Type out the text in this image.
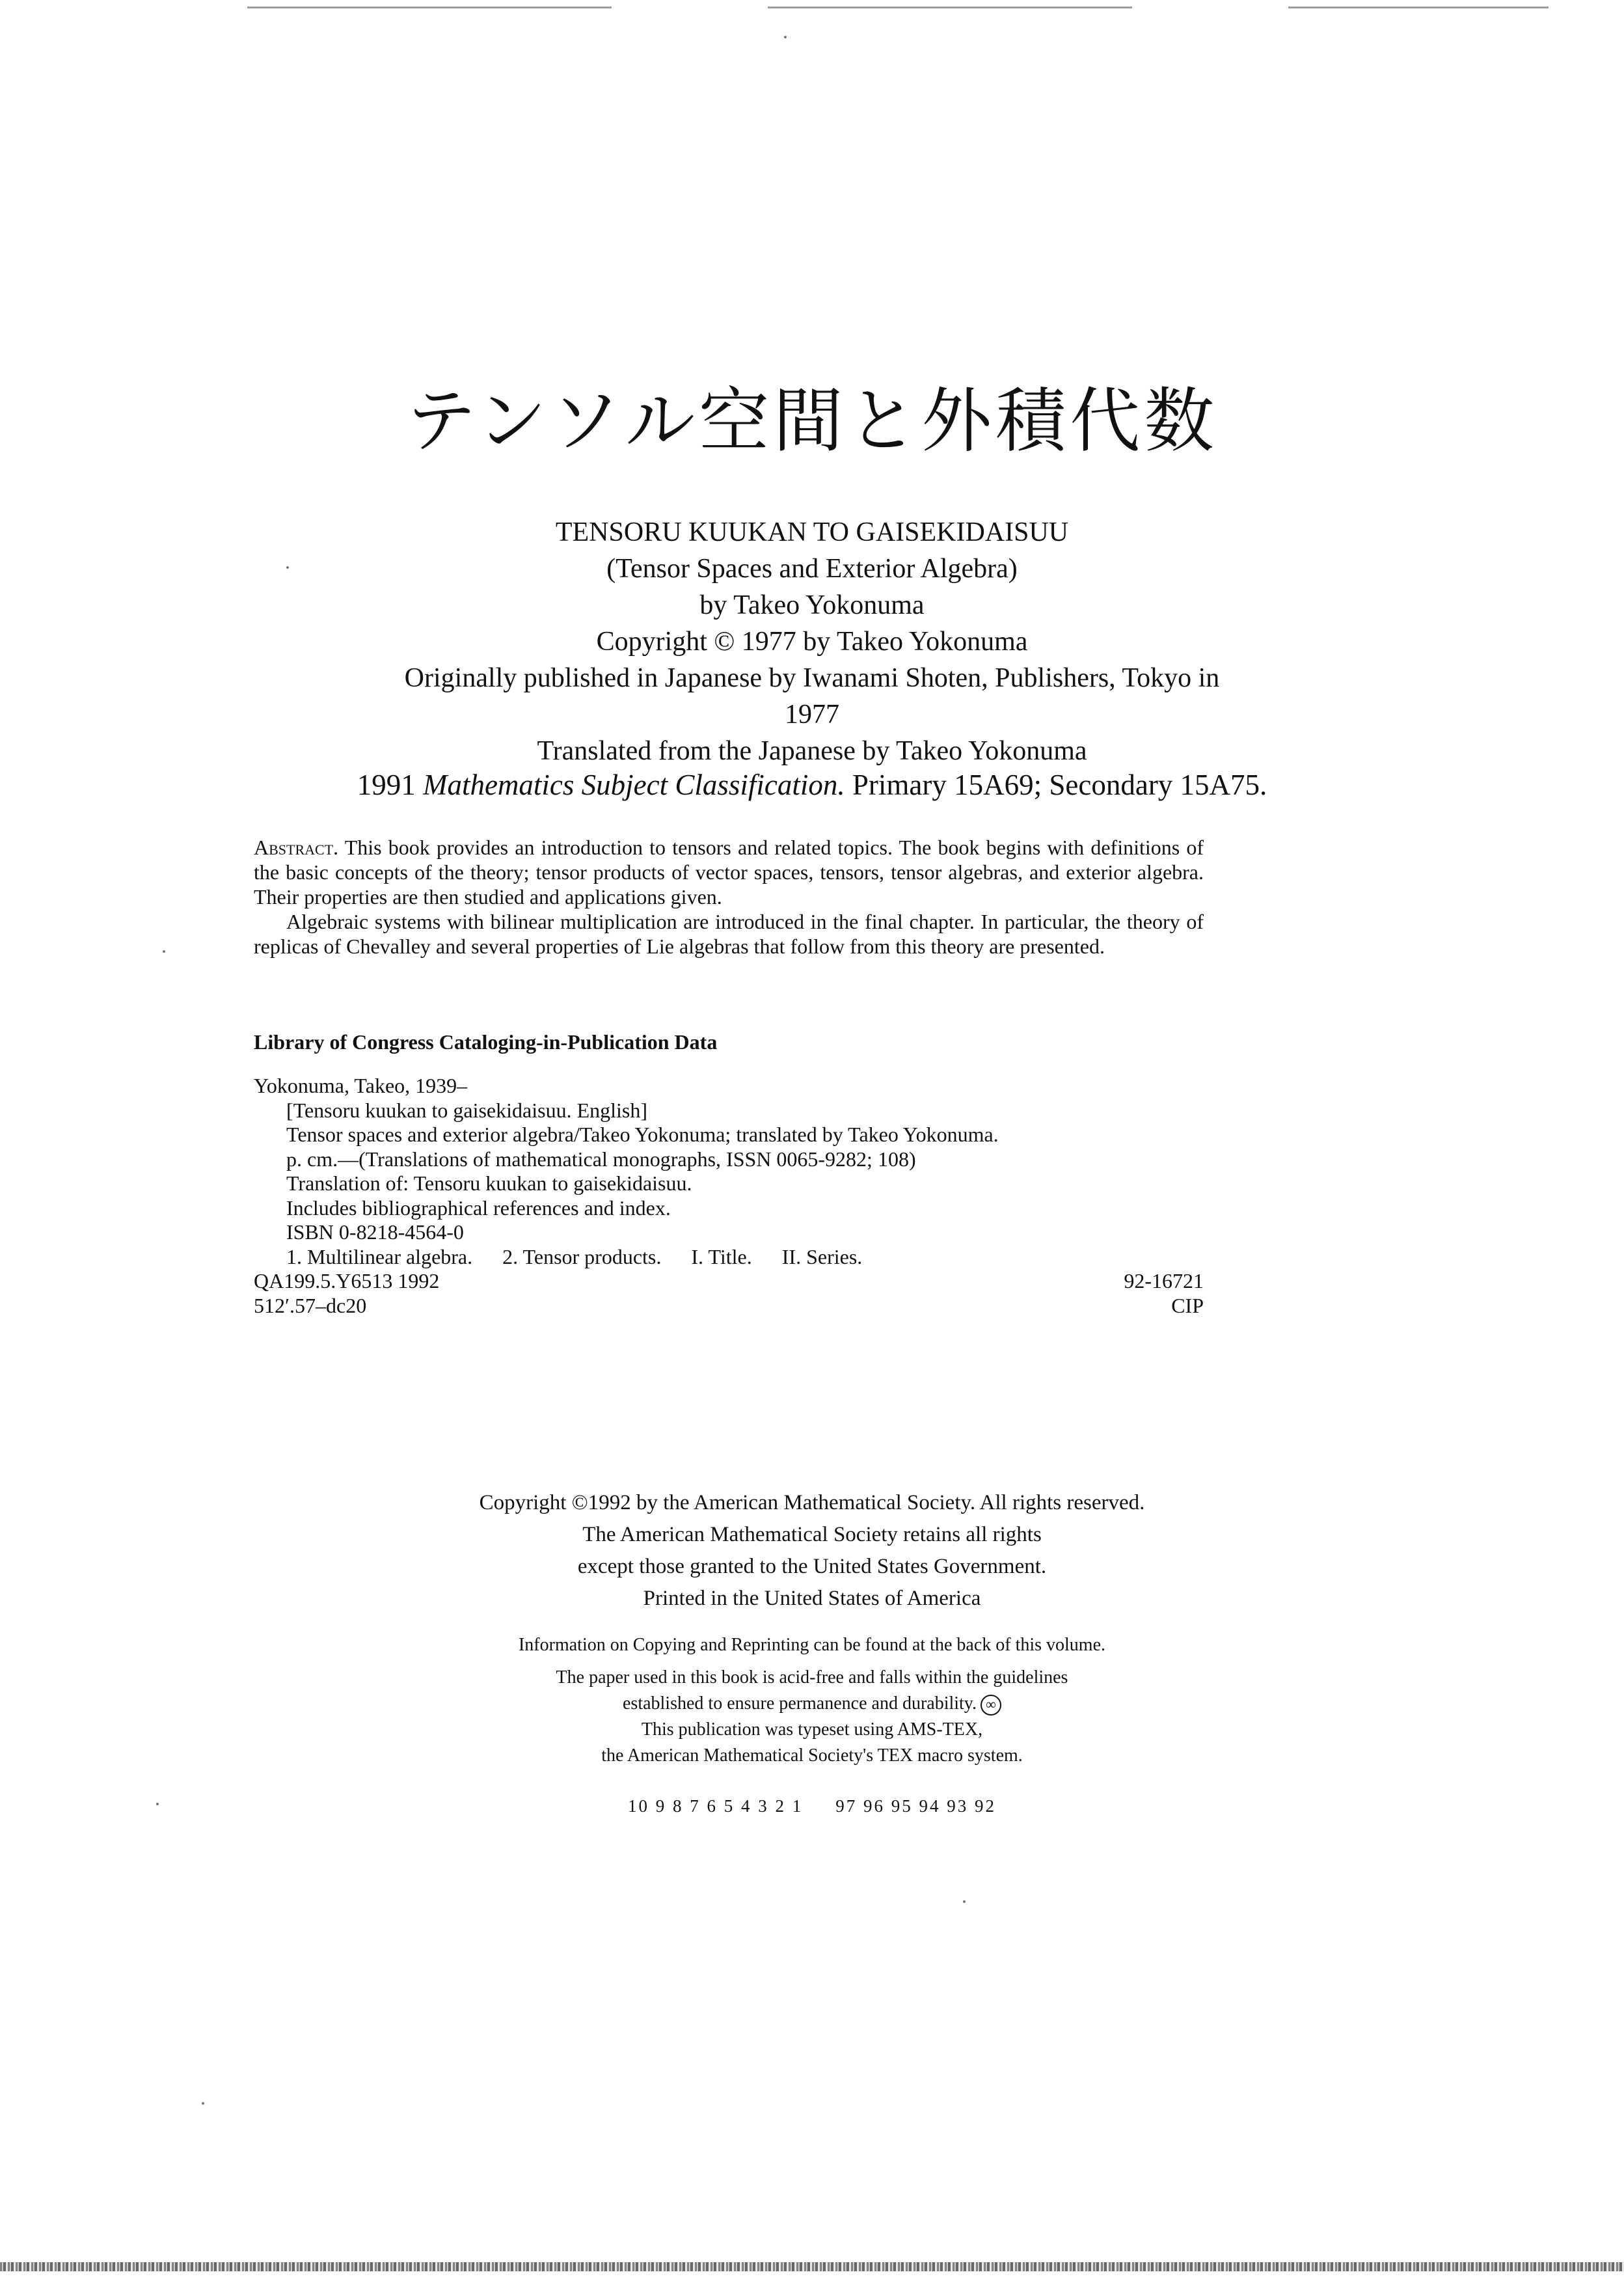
テンソル空間と外積代数
TENSORU KUUKAN TO GAISEKIDAISUU
(Tensor Spaces and Exterior Algebra)
by Takeo Yokonuma
Copyright © 1977 by Takeo Yokonuma
Originally published in Japanese by Iwanami Shoten, Publishers, Tokyo in
1977
Translated from the Japanese by Takeo Yokonuma
1991 Mathematics Subject Classification. Primary 15A69; Secondary 15A75.

Abstract. This book provides an introduction to tensors and related topics. The book begins with definitions of the basic concepts of the theory; tensor products of vector spaces, tensors, tensor algebras, and exterior algebra. Their properties are then studied and applications given.

Algebraic systems with bilinear multiplication are introduced in the final chapter. In particular, the theory of replicas of Chevalley and several properties of Lie algebras that follow from this theory are presented.

Library of Congress Cataloging-in-Publication Data
Yokonuma, Takeo, 1939–
[Tensoru kuukan to gaisekidaisuu. English]
Tensor spaces and exterior algebra/Takeo Yokonuma; translated by Takeo Yokonuma.
p. cm.—(Translations of mathematical monographs, ISSN 0065-9282; 108)
Translation of: Tensoru kuukan to gaisekidaisuu.
Includes bibliographical references and index.
ISBN 0-8218-4564-0
1. Multilinear algebra. 2. Tensor products. I. Title. II. Series.
QA199.5.Y6513 1992	92-16721
512′.57–dc20	CIP
Copyright ©1992 by the American Mathematical Society. All rights reserved.
The American Mathematical Society retains all rights
except those granted to the United States Government.
Printed in the United States of America
Information on Copying and Reprinting can be found at the back of this volume.
The paper used in this book is acid-free and falls within the guidelines
established to ensure permanence and durability. ∞
This publication was typeset using AMS-TEX,
the American Mathematical Society's TEX macro system.
10 9 8 7 6 5 4 3 2 1 97 96 95 94 93 92
